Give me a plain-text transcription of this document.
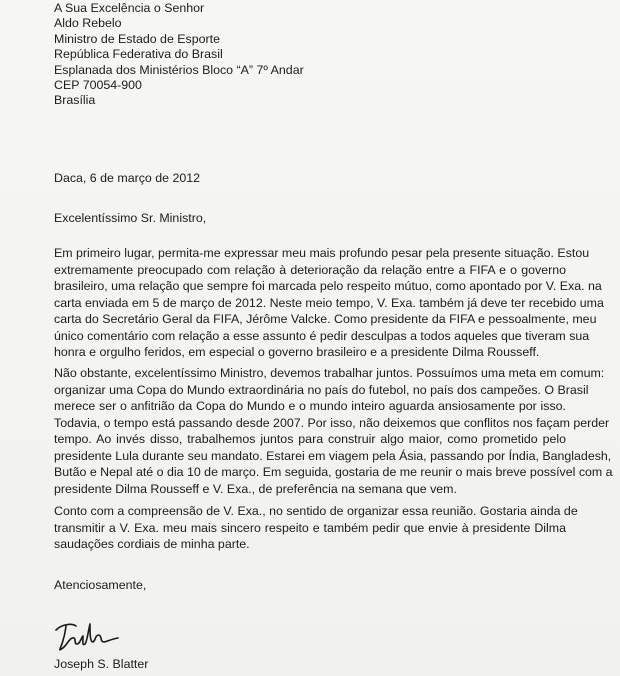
A Sua Excelência o Senhor
Aldo Rebelo
Ministro de Estado de Esporte
República Federativa do Brasil
Esplanada dos Ministérios Bloco “A” 7º Andar
CEP 70054-900
Brasília
Daca, 6 de março de 2012
Excelentíssimo Sr. Ministro,
Em primeiro lugar, permita-me expressar meu mais profundo pesar pela presente situação. Estou
extremamente preocupado com relação à deterioração da relação entre a FIFA e o governo
brasileiro, uma relação que sempre foi marcada pelo respeito mútuo, como apontado por V. Exa. na
carta enviada em 5 de março de 2012. Neste meio tempo, V. Exa. também já deve ter recebido uma
carta do Secretário Geral da FIFA, Jérôme Valcke. Como presidente da FIFA e pessoalmente, meu
único comentário com relação a esse assunto é pedir desculpas a todos aqueles que tiveram sua
honra e orgulho feridos, em especial o governo brasileiro e a presidente Dilma Rousseff.
Não obstante, excelentíssimo Ministro, devemos trabalhar juntos. Possuímos uma meta em comum:
organizar uma Copa do Mundo extraordinária no país do futebol, no país dos campeões. O Brasil
merece ser o anfitrião da Copa do Mundo e o mundo inteiro aguarda ansiosamente por isso.
Todavia, o tempo está passando desde 2007. Por isso, não deixemos que conflitos nos façam perder
tempo. Ao invés disso, trabalhemos juntos para construir algo maior, como prometido pelo
presidente Lula durante seu mandato. Estarei em viagem pela Ásia, passando por Índia, Bangladesh,
Butão e Nepal até o dia 10 de março. Em seguida, gostaria de me reunir o mais breve possível com a
presidente Dilma Rousseff e V. Exa., de preferência na semana que vem.
Conto com a compreensão de V. Exa., no sentido de organizar essa reunião. Gostaria ainda de
transmitir a V. Exa. meu mais sincero respeito e também pedir que envie à presidente Dilma
saudações cordiais de minha parte.
Atenciosamente,
Joseph S. Blatter
